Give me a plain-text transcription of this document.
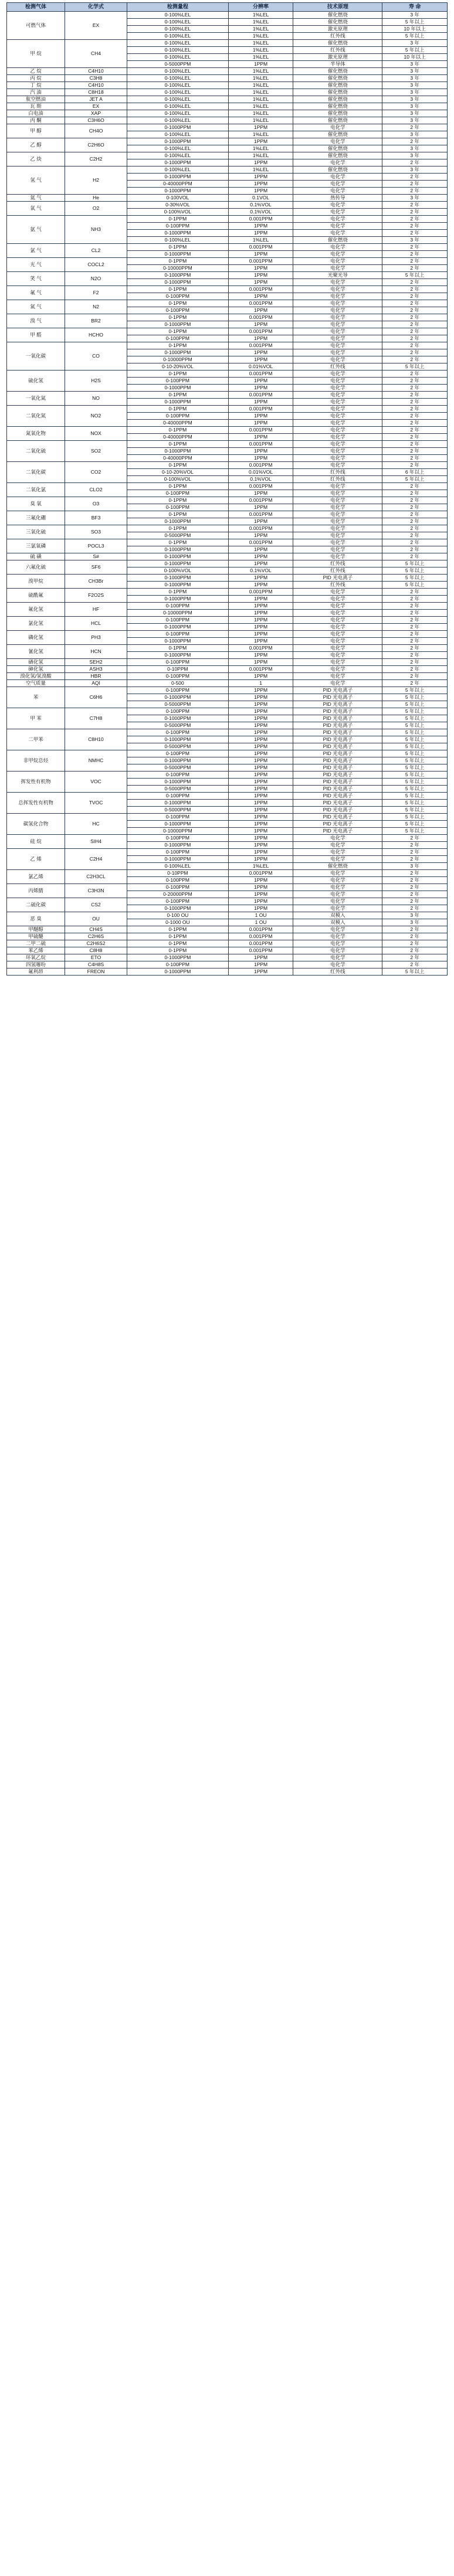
检测气体	化学式	检测量程	分辨率	技术原理	寿 命
可燃气体	EX	0-100%LEL	1%LEL	催化燃烧	3 年
		0-100%LEL	1%LEL	催化燃烧	5 年以上
		0-100%LEL	1%LEL	激光原理	10 年以上
		0-100%LEL	1%LEL	红外线	5 年以上
甲 烷	CH4	0-100%LEL	1%LEL	催化燃烧	3 年
		0-100%LEL	1%LEL	红外线	5 年以上
		0-100%LEL	1%LEL	激光原理	10 年以上
		0-5000PPM	1PPM	半导体	3 年
乙 烷	C4H10	0-100%LEL	1%LEL	催化燃烧	3 年
丙 烷	C3H8	0-100%LEL	1%LEL	催化燃烧	3 年
丁 烷	C4H10	0-100%LEL	1%LEL	催化燃烧	3 年
汽 油	C8H18	0-100%LEL	1%LEL	催化燃烧	3 年
航空燃油	JET A	0-100%LEL	1%LEL	催化燃烧	3 年
瓦 斯	EX	0-100%LEL	1%LEL	催化燃烧	3 年
白电油	XAP	0-100%LEL	1%LEL	催化燃烧	3 年
丙 酮	C3H6O	0-100%LEL	1%LEL	催化燃烧	3 年
甲 醇	CH4O	0-1000PPM	1PPM	电化学	2 年
		0-100%LEL	1%LEL	催化燃烧	3 年
乙 醇	C2H6O	0-1000PPM	1PPM	电化学	2 年
		0-100%LEL	1%LEL	催化燃烧	3 年
乙 炔	C2H2	0-100%LEL	1%LEL	催化燃烧	3 年
		0-1000PPM	1PPM	电化学	2 年
氢 气	H2	0-100%LEL	1%LEL	催化燃烧	3 年
		0-1000PPM	1PPM	电化学	2 年
		0-40000PPM	1PPM	电化学	2 年
		0-1000PPM	1PPM	电化学	2 年
氦 气	He	0-100VOL	0.1VOL	热传导	3 年
氧 气	O2	0-30%VOL	0.1%VOL	电化学	2 年
		0-100%VOL	0.1%VOL	电化学	2 年
氨 气	NH3	0-1PPM	0.001PPM	电化学	2 年
		0-100PPM	1PPM	电化学	2 年
		0-1000PPM	1PPM	电化学	2 年
		0-100%LEL	1%LEL	催化燃烧	3 年
氯 气	CL2	0-1PPM	0.001PPM	电化学	2 年
		0-1000PPM	1PPM	电化学	2 年
光 气	COCL2	0-1PPM	0.001PPM	电化学	2 年
		0-10000PPM	1PPM	电化学	2 年
笑 气	N2O	0-1000PPM	1PPM	光聚光导	5 年以上
		0-1000PPM	1PPM	电化学	2 年
氟 气	F2	0-1PPM	0.001PPM	电化学	2 年
		0-100PPM	1PPM	电化学	2 年
氮 气	N2	0-1PPM	0.001PPM	电化学	2 年
		0-100PPM	1PPM	电化学	2 年
溴 气	BR2	0-1PPM	0.001PPM	电化学	2 年
		0-1000PPM	1PPM	电化学	2 年
甲 醛	HCHO	0-1PPM	0.001PPM	电化学	2 年
		0-100PPM	1PPM	电化学	2 年
一氧化碳	CO	0-1PPM	0.001PPM	电化学	2 年
		0-1000PPM	1PPM	电化学	2 年
		0-10000PPM	1PPM	电化学	2 年
		0-10-20%VOL	0.01%VOL	红外线	5 年以上
硫化氢	H2S	0-1PPM	0.001PPM	电化学	2 年
		0-100PPM	1PPM	电化学	2 年
		0-1000PPM	1PPM	电化学	2 年
一氧化氮	NO	0-1PPM	0.001PPM	电化学	2 年
		0-1000PPM	1PPM	电化学	2 年
二氧化氮	NO2	0-1PPM	0.001PPM	电化学	2 年
		0-100PPM	1PPM	电化学	2 年
		0-40000PPM	1PPM	电化学	2 年
氮氧化物	NOX	0-1PPM	0.001PPM	电化学	2 年
		0-40000PPM	1PPM	电化学	2 年
二氧化硫	SO2	0-1PPM	0.001PPM	电化学	2 年
		0-1000PPM	1PPM	电化学	2 年
		0-40000PPM	1PPM	电化学	2 年
二氧化碳	CO2	0-1PPM	0.001PPM	电化学	2 年
		0-10-20%VOL	0.01%VOL	红外线	6 年以上
		0-100%VOL	0.1%VOL	红外线	5 年以上
二氧化氯	CLO2	0-1PPM	0.001PPM	电化学	2 年
		0-100PPM	1PPM	电化学	2 年
臭 氧	O3	0-1PPM	0.001PPM	电化学	2 年
		0-100PPM	1PPM	电化学	2 年
三氟化硼	BF3	0-1PPM	0.001PPM	电化学	2 年
		0-1000PPM	1PPM	电化学	2 年
三氧化硫	SO3	0-1PPM	0.001PPM	电化学	2 年
		0-5000PPM	1PPM	电化学	2 年
三氯氧磷	POCL3	0-1PPM	0.001PPM	电化学	2 年
		0-1000PPM	1PPM	电化学	2 年
硫 磺	S#	0-1000PPM	1PPM	电化学	2 年
六氟化硫	SF6	0-1000PPM	1PPM	红外线	5 年以上
		0-100%VOL	0.1%VOL	红外线	5 年以上
溴甲烷	CH3Br	0-1000PPM	1PPM	PID 光电离子	5 年以上
		0-1000PPM	1PPM	红外线	5 年以上
硫酰氟	F2O2S	0-1PPM	0.001PPM	电化学	2 年
		0-1000PPM	1PPM	电化学	2 年
氟化氢	HF	0-100PPM	1PPM	电化学	2 年
		0-10000PPM	1PPM	电化学	2 年
氯化氢	HCL	0-100PPM	1PPM	电化学	2 年
		0-1000PPM	1PPM	电化学	2 年
磷化氢	PH3	0-100PPM	1PPM	电化学	2 年
		0-1000PPM	1PPM	电化学	2 年
氰化氢	HCN	0-1PPM	0.001PPM	电化学	2 年
		0-1000PPM	1PPM	电化学	2 年
硒化氢	SEH2	0-100PPM	1PPM	电化学	2 年
砷化氢	ASH3	0-10PPM	0.001PPM	电化学	2 年
溴化氢/氢溴酸	HBR	0-100PPM	1PPM	电化学	2 年
空气质量	AQI	0-500	1	电化学	2 年
苯	C6H6	0-100PPM	1PPM	PID 光电离子	5 年以上
		0-1000PPM	1PPM	PID 光电离子	5 年以上
		0-5000PPM	1PPM	PID 光电离子	5 年以上
甲 苯	C7H8	0-100PPM	1PPM	PID 光电离子	5 年以上
		0-1000PPM	1PPM	PID 光电离子	5 年以上
		0-5000PPM	1PPM	PID 光电离子	5 年以上
二甲苯	C8H10	0-100PPM	1PPM	PID 光电离子	5 年以上
		0-1000PPM	1PPM	PID 光电离子	5 年以上
		0-5000PPM	1PPM	PID 光电离子	5 年以上
非甲烷总烃	NMHC	0-100PPM	1PPM	PID 光电离子	5 年以上
		0-1000PPM	1PPM	PID 光电离子	5 年以上
		0-5000PPM	1PPM	PID 光电离子	5 年以上
挥发性有机物	VOC	0-100PPM	1PPM	PID 光电离子	5 年以上
		0-1000PPM	1PPM	PID 光电离子	5 年以上
		0-5000PPM	1PPM	PID 光电离子	5 年以上
总挥发性有机物	TVOC	0-100PPM	1PPM	PID 光电离子	5 年以上
		0-1000PPM	1PPM	PID 光电离子	5 年以上
		0-5000PPM	1PPM	PID 光电离子	5 年以上
碳氢化合物	HC	0-100PPM	1PPM	PID 光电离子	5 年以上
		0-1000PPM	1PPM	PID 光电离子	5 年以上
		0-10000PPM	1PPM	PID 光电离子	5 年以上
硅 烷	SIH4	0-100PPM	1PPM	电化学	2 年
		0-1000PPM	1PPM	电化学	2 年
乙 烯	C2H4	0-100PPM	1PPM	电化学	2 年
		0-1000PPM	1PPM	电化学	2 年
		0-100%LEL	1%LEL	催化燃烧	3 年
氯乙烯	C2H3CL	0-10PPM	0.001PPM	电化学	2 年
		0-100PPM	1PPM	电化学	2 年
丙烯腈	C3H3N	0-100PPM	1PPM	电化学	2 年
		0-20000PPM	1PPM	电化学	2 年
二硫化碳	CS2	0-100PPM	1PPM	电化学	2 年
		0-1000PPM	1PPM	电化学	2 年
恶 臭	OU	0-100 OU	1 OU	双模入	3 年
		0-1000 OU	1 OU	双模入	3 年
甲醚醇	CH4S	0-1PPM	0.001PPM	电化学	2 年
甲硫醚	C2H6S	0-1PPM	0.001PPM	电化学	2 年
二甲二硫	C2H6S2	0-1PPM	0.001PPM	电化学	2 年
苯乙烯	C8H8	0-1PPM	0.001PPM	电化学	2 年
环氧乙烷	ETO	0-1000PPM	1PPM	电化学	2 年
四氢噻吩	C4H8S	0-100PPM	1PPM	电化学	2 年
氟利昂	FREON	0-1000PPM	1PPM	红外线	5 年以上
